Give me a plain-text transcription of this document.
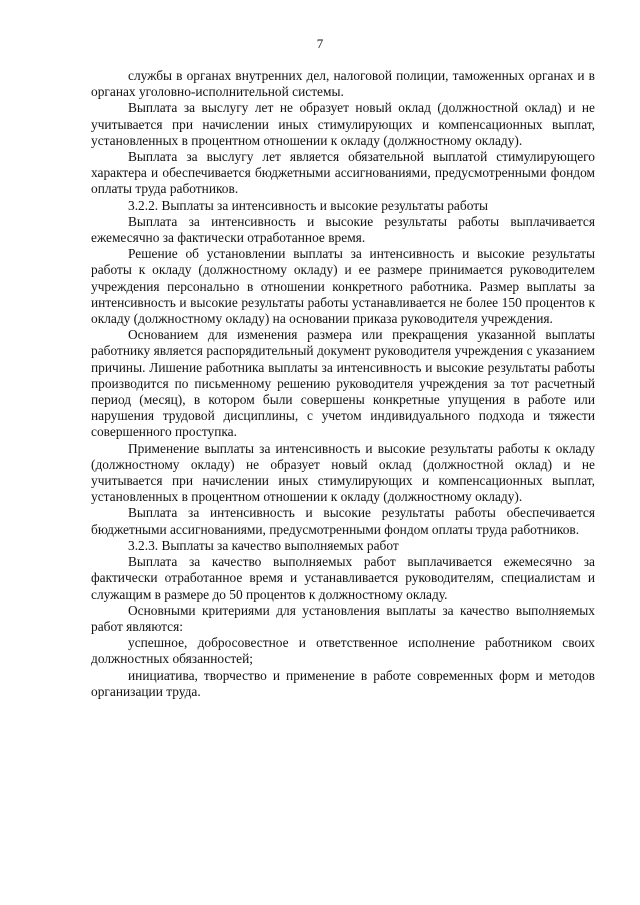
7

службы в органах внутренних дел, налоговой полиции, таможенных органах и в органах уголовно-исполнительной системы.

Выплата за выслугу лет не образует новый оклад (должностной оклад) и не учитывается при начислении иных стимулирующих и компенсационных выплат, установленных в процентном отношении к окладу (должностному окладу).

Выплата за выслугу лет является обязательной выплатой стимулирующего характера и обеспечивается бюджетными ассигнованиями, предусмотренными фондом оплаты труда работников.

3.2.2. Выплаты за интенсивность и высокие результаты работы

Выплата за интенсивность и высокие результаты работы выплачивается ежемесячно за фактически отработанное время.

Решение об установлении выплаты за интенсивность и высокие результаты работы к окладу (должностному окладу) и ее размере принимается руководителем учреждения персонально в отношении конкретного работника. Размер выплаты за интенсивность и высокие результаты работы устанавливается не более 150 процентов к окладу (должностному окладу) на основании приказа руководителя учреждения.

Основанием для изменения размера или прекращения указанной выплаты работнику является распорядительный документ руководителя учреждения с указанием причины. Лишение работника выплаты за интенсивность и высокие результаты работы производится по письменному решению руководителя учреждения за тот расчетный период (месяц), в котором были совершены конкретные упущения в работе или нарушения трудовой дисциплины, с учетом индивидуального подхода и тяжести совершенного проступка.

Применение выплаты за интенсивность и высокие результаты работы к окладу (должностному окладу) не образует новый оклад (должностной оклад) и не учитывается при начислении иных стимулирующих и компенсационных выплат, установленных в процентном отношении к окладу (должностному окладу).

Выплата за интенсивность и высокие результаты работы обеспечивается бюджетными ассигнованиями, предусмотренными фондом оплаты труда работников.

3.2.3. Выплаты за качество выполняемых работ

Выплата за качество выполняемых работ выплачивается ежемесячно за фактически отработанное время и устанавливается руководителям, специалистам и служащим в размере до 50 процентов к должностному окладу.

Основными критериями для установления выплаты за качество выполняемых работ являются:

успешное, добросовестное и ответственное исполнение работником своих должностных обязанностей;

инициатива, творчество и применение в работе современных форм и методов организации труда.
